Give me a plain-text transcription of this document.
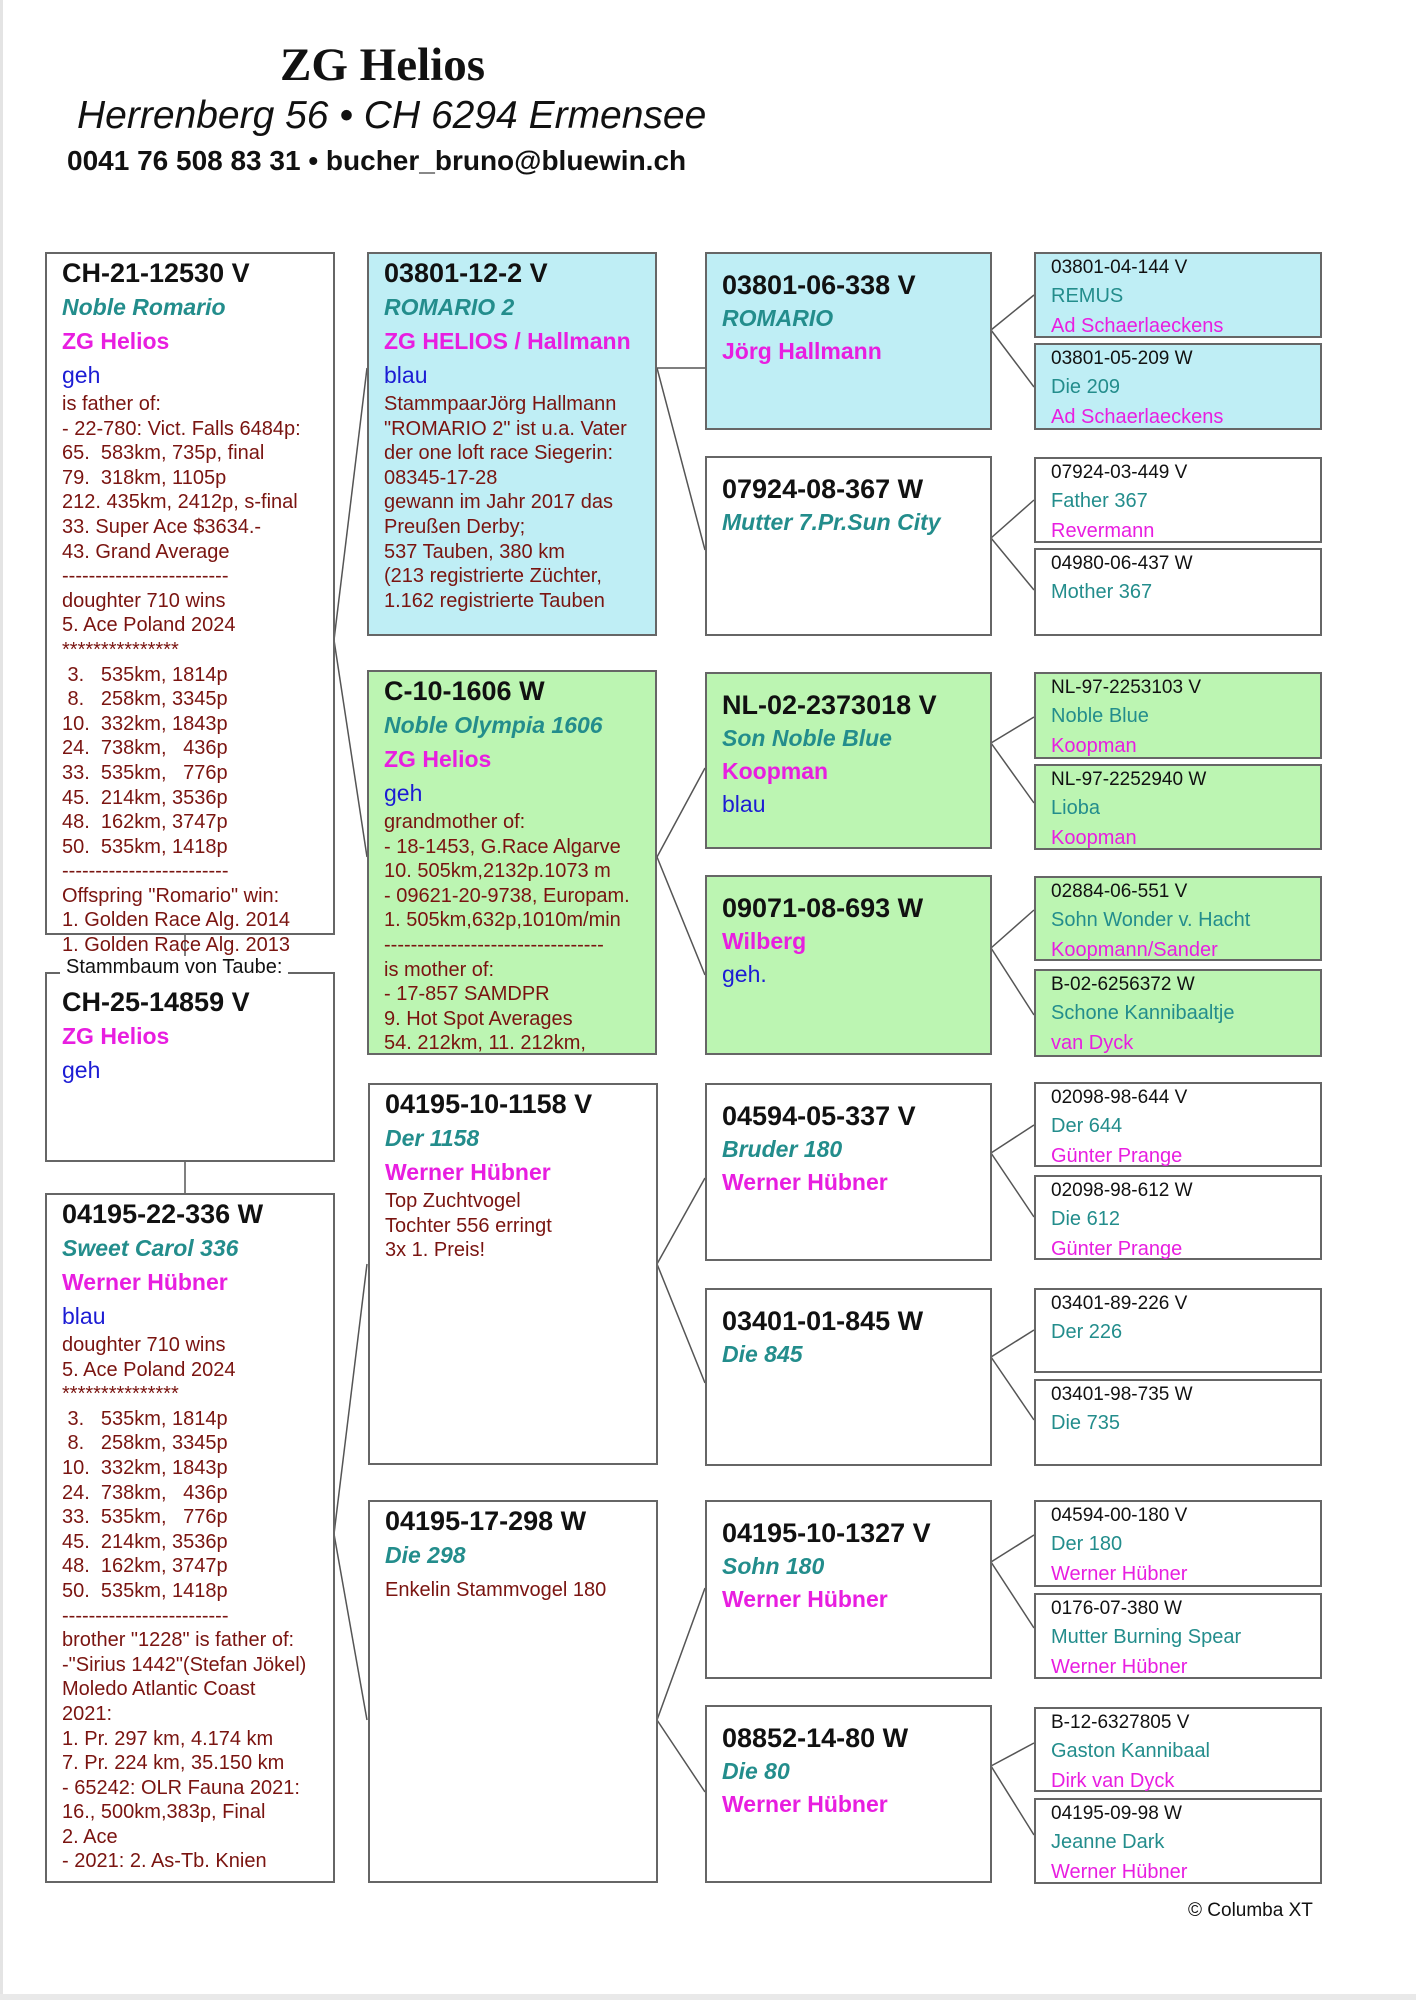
ZG Helios
Herrenberg 56 • CH 6294 Ermensee
0041 76 508 83 31 • bucher_bruno@bluewin.ch
CH-21-12530 V
Noble Romario
ZG Helios
geh
is father of:
- 22-780: Vict. Falls 6484p:
65.  583km, 735p, final
79.  318km, 1105p
212. 435km, 2412p, s-final
33. Super Ace $3634.-
43. Grand Average
-------------------------
doughter 710 wins
5. Ace Poland 2024
***************
3.   535km, 1814p
8.   258km, 3345p
10.  332km, 1843p
24.  738km,   436p
33.  535km,   776p
45.  214km, 3536p
48.  162km, 3747p
50.  535km, 1418p
-------------------------
Offspring "Romario" win:
1. Golden Race Alg. 2014
1. Golden Race Alg. 2013
CH-25-14859 V
ZG Helios
geh
Stammbaum von Taube:
04195-22-336 W
Sweet Carol 336
Werner Hübner
blau
doughter 710 wins
5. Ace Poland 2024
***************
3.   535km, 1814p
8.   258km, 3345p
10.  332km, 1843p
24.  738km,   436p
33.  535km,   776p
45.  214km, 3536p
48.  162km, 3747p
50.  535km, 1418p
-------------------------
brother "1228" is father of:
-"Sirius 1442"(Stefan Jökel)
Moledo Atlantic Coast
2021:
1. Pr. 297 km, 4.174 km
7. Pr. 224 km, 35.150 km
- 65242: OLR Fauna 2021:
16., 500km,383p, Final
2. Ace
- 2021: 2. As-Tb. Knien
03801-12-2 V
ROMARIO 2
ZG HELIOS / Hallmann
blau
StammpaarJörg Hallmann
"ROMARIO 2" ist u.a. Vater
der one loft race Siegerin:
08345-17-28
gewann im Jahr 2017 das
Preußen Derby;
537 Tauben, 380 km
(213 registrierte Züchter,
1.162 registrierte Tauben
C-10-1606 W
Noble Olympia 1606
ZG Helios
geh
grandmother of:
- 18-1453, G.Race Algarve
10. 505km,2132p.1073 m
- 09621-20-9738, Europam.
1. 505km,632p,1010m/min
---------------------------------
is mother of:
- 17-857 SAMDPR
9. Hot Spot Averages
54. 212km, 11. 212km,
04195-10-1158 V
Der 1158
Werner Hübner
Top Zuchtvogel
Tochter 556 erringt
3x 1. Preis!
04195-17-298 W
Die 298
Enkelin Stammvogel 180
03801-06-338 V
ROMARIO
Jörg Hallmann
07924-08-367 W
Mutter 7.Pr.Sun City
NL-02-2373018 V
Son Noble Blue
Koopman
blau
09071-08-693 W
Wilberg
geh.
04594-05-337 V
Bruder 180
Werner Hübner
03401-01-845 W
Die 845
04195-10-1327 V
Sohn 180
Werner Hübner
08852-14-80 W
Die 80
Werner Hübner
03801-04-144 V
REMUS
Ad Schaerlaeckens
03801-05-209 W
Die 209
Ad Schaerlaeckens
07924-03-449 V
Father 367
Revermann
04980-06-437 W
Mother 367
NL-97-2253103 V
Noble Blue
Koopman
NL-97-2252940 W
Lioba
Koopman
02884-06-551 V
Sohn Wonder v. Hacht
Koopmann/Sander
B-02-6256372 W
Schone Kannibaaltje
van Dyck
02098-98-644 V
Der 644
Günter Prange
02098-98-612 W
Die 612
Günter Prange
03401-89-226 V
Der 226
03401-98-735 W
Die 735
04594-00-180 V
Der 180
Werner Hübner
0176-07-380 W
Mutter Burning Spear
Werner Hübner
B-12-6327805 V
Gaston Kannibaal
Dirk van Dyck
04195-09-98 W
Jeanne Dark
Werner Hübner
© Columba XT
